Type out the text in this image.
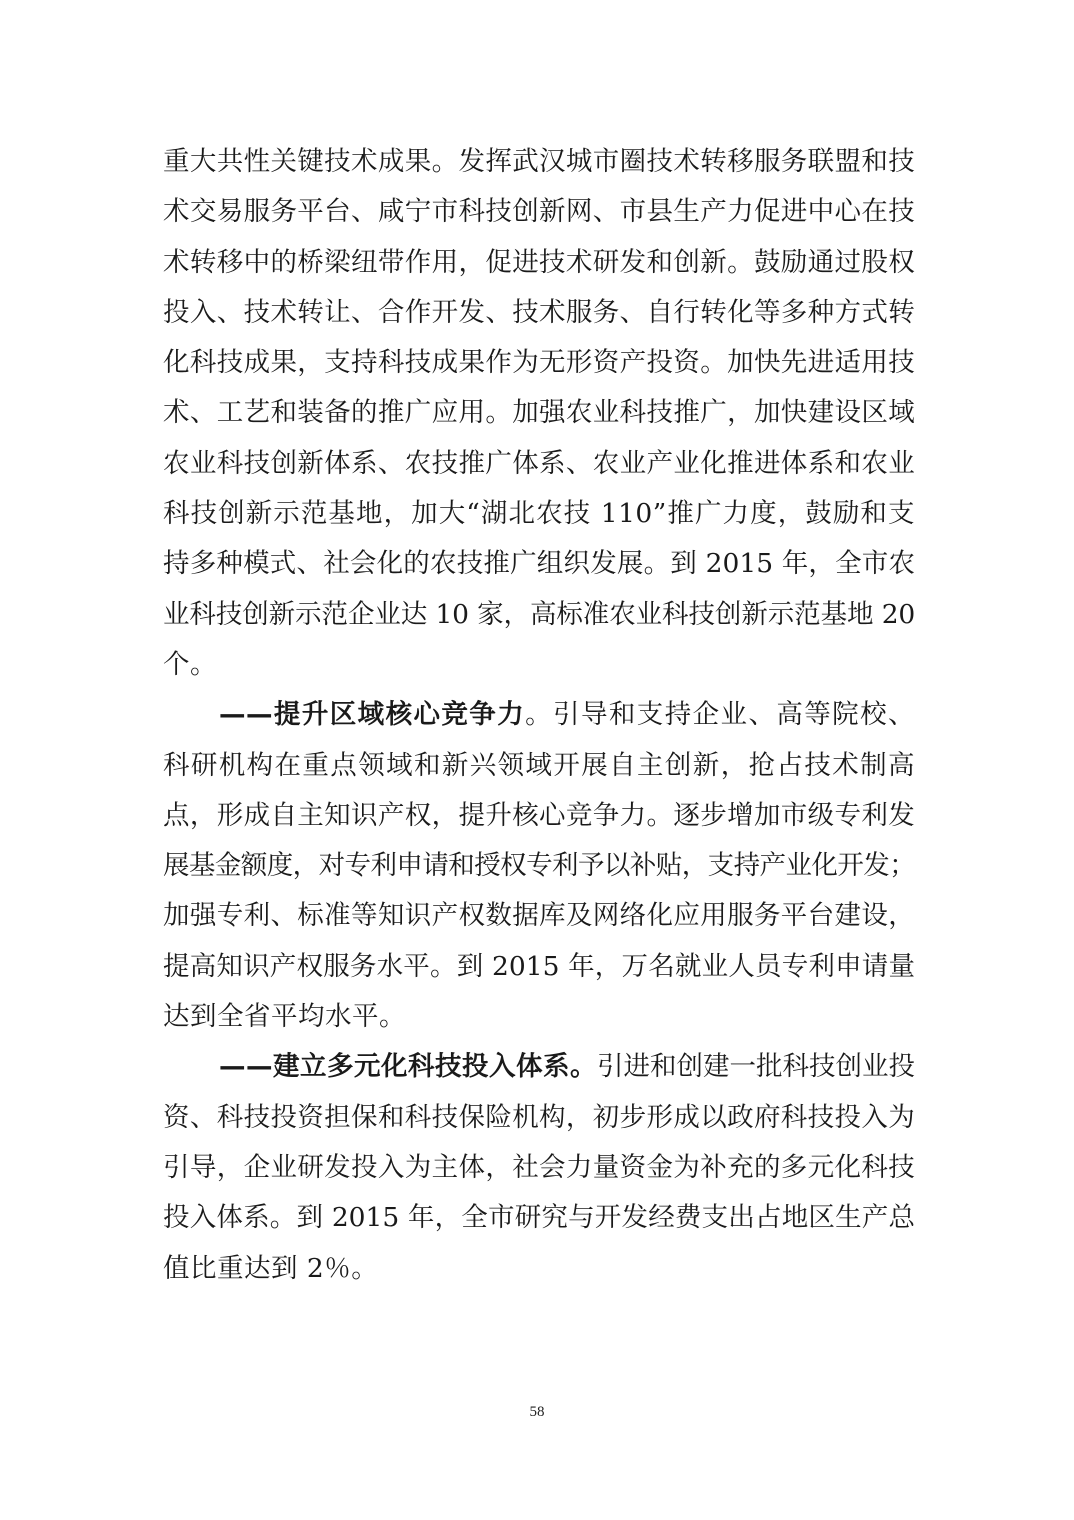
重大共性关键技术成果。发挥武汉城市圈技术转移服务联盟和技
术交易服务平台、咸宁市科技创新网、市县生产力促进中心在技
术转移中的桥梁纽带作用，促进技术研发和创新。鼓励通过股权
投入、技术转让、合作开发、技术服务、自行转化等多种方式转
化科技成果，支持科技成果作为无形资产投资。加快先进适用技
术、工艺和装备的推广应用。加强农业科技推广，加快建设区域
农业科技创新体系、农技推广体系、农业产业化推进体系和农业
科技创新示范基地，加大“湖北农技 110”推广力度，鼓励和支
持多种模式、社会化的农技推广组织发展。到 2015 年，全市农
业科技创新示范企业达 10 家，高标准农业科技创新示范基地 20
个。
——提升区域核心竞争力。引导和支持企业、高等院校、
科研机构在重点领域和新兴领域开展自主创新，抢占技术制高
点，形成自主知识产权，提升核心竞争力。逐步增加市级专利发
展基金额度，对专利申请和授权专利予以补贴，支持产业化开发；
加强专利、标准等知识产权数据库及网络化应用服务平台建设，
提高知识产权服务水平。到 2015 年，万名就业人员专利申请量
达到全省平均水平。
——建立多元化科技投入体系。引进和创建一批科技创业投
资、科技投资担保和科技保险机构，初步形成以政府科技投入为
引导，企业研发投入为主体，社会力量资金为补充的多元化科技
投入体系。到 2015 年，全市研究与开发经费支出占地区生产总
值比重达到 2％。
58
